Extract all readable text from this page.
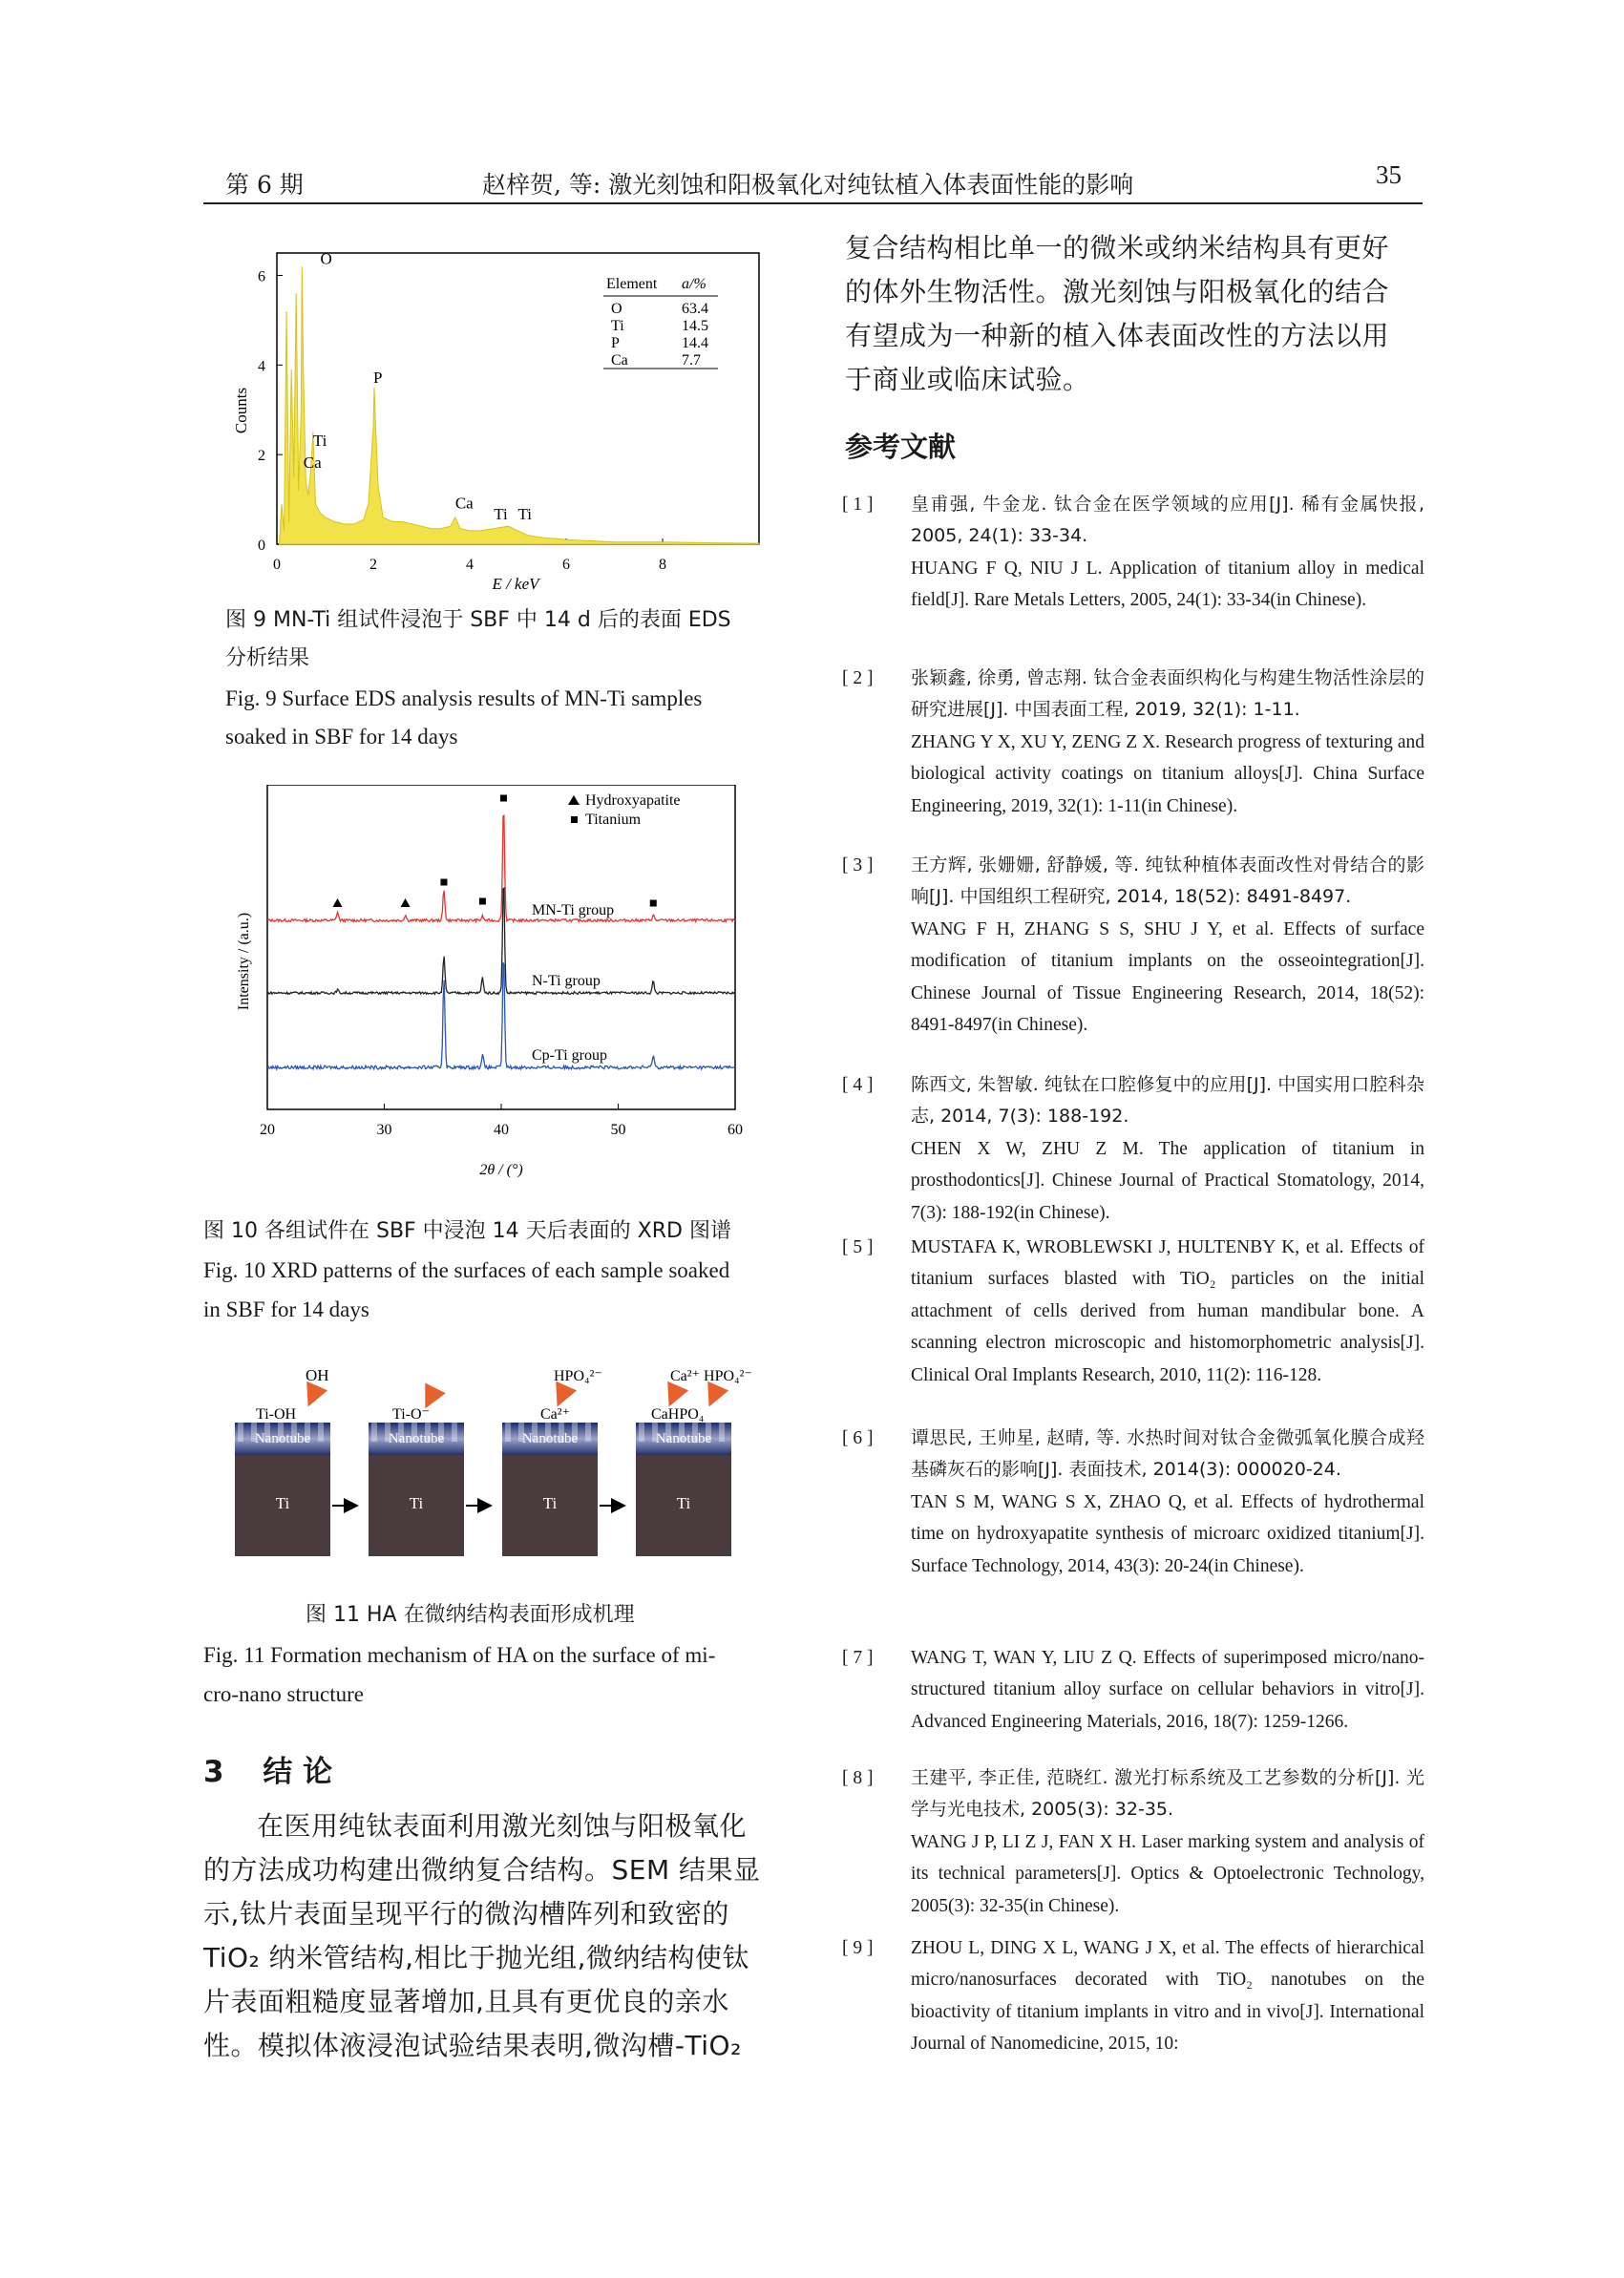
第 6 期	赵梓贺, 等: 激光刻蚀和阳极氧化对纯钛植入体表面性能的影响	35
0	2	4	6	8
0
2
4
6
O
P
Ti
Ca
Ca
Ti Ti
Counts
E / keV
Element a/%
O	63.4
Ti	14.5
P	14.4
Ca	7.7
图 9 MN-Ti 组试件浸泡于 SBF 中 14 d 后的表面 EDS
分析结果
Fig. 9 Surface EDS analysis results of MN-Ti samples
soaked in SBF for 14 days
20	30	40	50	60
Hydroxyapatite
Titanium
MN-Ti group
N-Ti group
Cp-Ti group
Intensity / (a.u.)
2θ / (°)
图 10 各组试件在 SBF 中浸泡 14 天后表面的 XRD 图谱
Fig. 10 XRD patterns of the surfaces of each sample soaked
in SBF for 14 days
Nanotube
Ti
Nanotube
Ti
Nanotube
Ti
Nanotube
Ti
OH	HPO₄²⁻	Ca²⁺ HPO₄²⁻
Ti-OH	Ti-O⁻	Ca²⁺	CaHPO₄
图 11 HA 在微纳结构表面形成机理
Fig. 11 Formation mechanism of HA on the surface of mi-
cro-nano structure
3 结 论
在医用纯钛表面利用激光刻蚀与阳极氧化
的方法成功构建出微纳复合结构。SEM 结果显
示,钛片表面呈现平行的微沟槽阵列和致密的
TiO₂ 纳米管结构,相比于抛光组,微纳结构使钛
片表面粗糙度显著增加,且具有更优良的亲水
性。模拟体液浸泡试验结果表明,微沟槽-TiO₂
复合结构相比单一的微米或纳米结构具有更好
的体外生物活性。激光刻蚀与阳极氧化的结合
有望成为一种新的植入体表面改性的方法以用
于商业或临床试验。
参考文献
[ 1 ]	皇甫强, 牛金龙. 钛合金在医学领域的应用[J]. 稀有金属快报, 2005, 24(1): 33-34.
HUANG F Q, NIU J L. Application of titanium alloy in medical field[J]. Rare Metals Letters, 2005, 24(1): 33-34(in Chinese).
[ 2 ]	张颖鑫, 徐勇, 曾志翔. 钛合金表面织构化与构建生物活性涂层的研究进展[J]. 中国表面工程, 2019, 32(1): 1-11.
ZHANG Y X, XU Y, ZENG Z X. Research progress of texturing and biological activity coatings on titanium alloys[J]. China Surface Engineering, 2019, 32(1): 1-11(in Chinese).
[ 3 ]	王方辉, 张姗姗, 舒静媛, 等. 纯钛种植体表面改性对骨结合的影响[J]. 中国组织工程研究, 2014, 18(52): 8491-8497.
WANG F H, ZHANG S S, SHU J Y, et al. Effects of surface modification of titanium implants on the osseointegration[J]. Chinese Journal of Tissue Engineering Research, 2014, 18(52): 8491-8497(in Chinese).
[ 4 ]	陈西文, 朱智敏. 纯钛在口腔修复中的应用[J]. 中国实用口腔科杂志, 2014, 7(3): 188-192.
CHEN X W, ZHU Z M. The application of titanium in prosthodontics[J]. Chinese Journal of Practical Stomatology, 2014, 7(3): 188-192(in Chinese).
[ 5 ]	MUSTAFA K, WROBLEWSKI J, HULTENBY K, et al. Effects of titanium surfaces blasted with TiO₂ particles on the initial attachment of cells derived from human mandibular bone. A scanning electron microscopic and histomorphometric analysis[J]. Clinical Oral Implants Research, 2010, 11(2): 116-128.
[ 6 ]	谭思民, 王帅星, 赵晴, 等. 水热时间对钛合金微弧氧化膜合成羟基磷灰石的影响[J]. 表面技术, 2014(3): 000020-24.
TAN S M, WANG S X, ZHAO Q, et al. Effects of hydrothermal time on hydroxyapatite synthesis of microarc oxidized titanium[J]. Surface Technology, 2014, 43(3): 20-24(in Chinese).
[ 7 ]	WANG T, WAN Y, LIU Z Q. Effects of superimposed micro/nano-structured titanium alloy surface on cellular behaviors in vitro[J]. Advanced Engineering Materials, 2016, 18(7): 1259-1266.
[ 8 ]	王建平, 李正佳, 范晓红. 激光打标系统及工艺参数的分析[J]. 光学与光电技术, 2005(3): 32-35.
WANG J P, LI Z J, FAN X H. Laser marking system and analysis of its technical parameters[J]. Optics & Optoelectronic Technology, 2005(3): 32-35(in Chinese).
[ 9 ]	ZHOU L, DING X L, WANG J X, et al. The effects of hierarchical micro/nanosurfaces decorated with TiO₂ nanotubes on the bioactivity of titanium implants in vitro and in vivo[J]. International Journal of Nanomedicine, 2015, 10:
